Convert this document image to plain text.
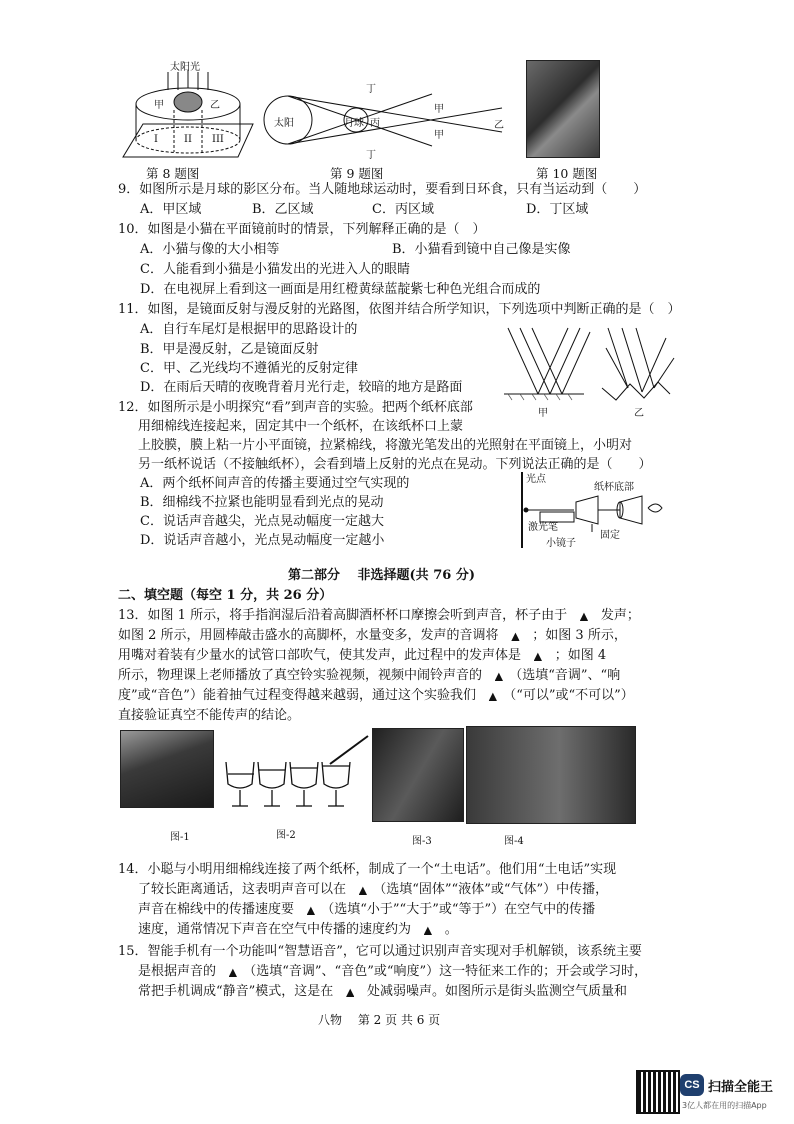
太阳光
甲	乙
I	II III
第 8 题图
太阳	月球 丙
丁
丁
甲
甲
乙
第 9 题图	第 10 题图
9．如图所示是月球的影区分布。当人随地球运动时，要看到日环食，只有当运动到（　　）
A．甲区域	B．乙区域	C．丙区域	D．丁区域
10．如图是小猫在平面镜前时的情景，下列解释正确的是（　）
A．小猫与像的大小相等	B．小猫看到镜中自己像是实像
C．人能看到小猫是小猫发出的光进入人的眼睛
D．在电视屏上看到这一画面是用红橙黄绿蓝靛紫七种色光组合而成的
11．如图，是镜面反射与漫反射的光路图，依图并结合所学知识，下列选项中判断正确的是（　）
A．自行车尾灯是根据甲的思路设计的
B．甲是漫反射，乙是镜面反射
C．甲、乙光线均不遵循光的反射定律
D．在雨后天晴的夜晚背着月光行走，较暗的地方是路面
甲	乙
12．如图所示是小明探究“看”到声音的实验。把两个纸杯底部
用细棉线连接起来，固定其中一个纸杯，在该纸杯口上蒙
上胶膜，膜上粘一片小平面镜，拉紧棉线，将激光笔发出的光照射在平面镜上，小明对
另一纸杯说话（不接触纸杯），会看到墙上反射的光点在晃动。下列说法正确的是（　　）
A．两个纸杯间声音的传播主要通过空气实现的
B．细棉线不拉紧也能明显看到光点的晃动
C．说话声音越尖，光点晃动幅度一定越大
D．说话声音越小，光点晃动幅度一定越小
光点
纸杯底部
激光笔
小镜子
固定
第二部分　 非选择题(共 76 分)
二、填空题（每空 1 分，共 26 分）
13．如图 1 所示，将手指润湿后沿着高脚酒杯杯口摩擦会听到声音，杯子由于　 ▲　 发声；
如图 2 所示，用圆棒敲击盛水的高脚杯，水量变多，发声的音调将　 ▲　 ；如图 3 所示，
用嘴对着装有少量水的试管口部吹气，使其发声，此过程中的发声体是　 ▲　 ；如图 4
所示，物理课上老师播放了真空铃实验视频，视频中闹铃声音的　 ▲　 （选填“音调”、“响
度”或“音色”）能着抽气过程变得越来越弱，通过这个实验我们　 ▲　 （“可以”或“不可以”）
直接验证真空不能传声的结论。
图-1	图-2
图-3	图-4
14．小聪与小明用细棉线连接了两个纸杯，制成了一个“土电话”。他们用“土电话”实现
了较长距离通话，这表明声音可以在　 ▲　 （选填“固体”“液体”或“气体”）中传播，
声音在棉线中的传播速度要　 ▲　 （选填“小于”“大于”或“等于”）在空气中的传播
速度，通常情况下声音在空气中传播的速度约为　 ▲　 。
15．智能手机有一个功能叫“智慧语音”，它可以通过识别声音实现对手机解锁，该系统主要
是根据声音的　 ▲　 （选填“音调”、“音色”或“响度”）这一特征来工作的；开会或学习时，
常把手机调成“静音”模式，这是在　 ▲　 处减弱噪声。如图所示是街头监测空气质量和
八物　 第 2 页 共 6 页
CS 扫描全能王
3亿人都在用的扫描App
